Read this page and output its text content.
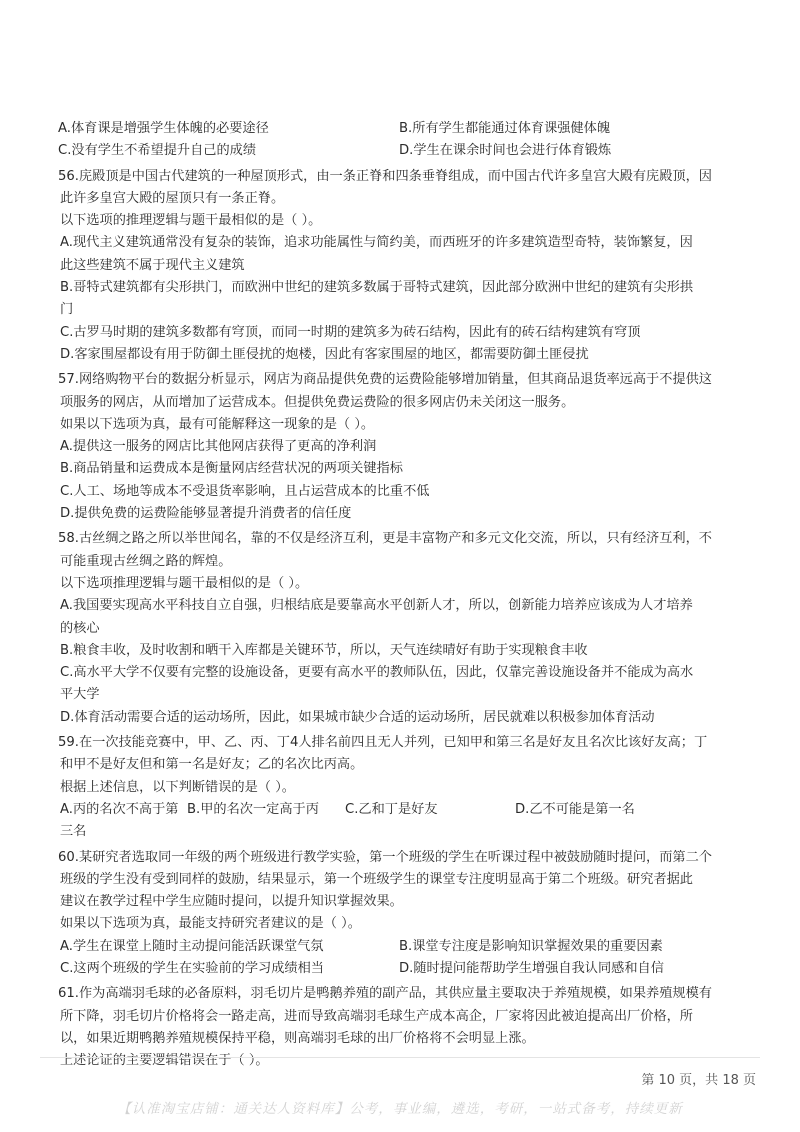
A.体育课是增强学生体魄的必要途径	B.所有学生都能通过体育课强健体魄
C.没有学生不希望提升自己的成绩	D.学生在课余时间也会进行体育锻炼
56.庑殿顶是中国古代建筑的一种屋顶形式，由一条正脊和四条垂脊组成，而中国古代许多皇宫大殿有庑殿顶，因
此许多皇宫大殿的屋顶只有一条正脊。
以下选项的推理逻辑与题干最相似的是（ ）。
A.现代主义建筑通常没有复杂的装饰，追求功能属性与简约美，而西班牙的许多建筑造型奇特，装饰繁复，因
此这些建筑不属于现代主义建筑
B.哥特式建筑都有尖形拱门，而欧洲中世纪的建筑多数属于哥特式建筑，因此部分欧洲中世纪的建筑有尖形拱
门
C.古罗马时期的建筑多数都有穹顶，而同一时期的建筑多为砖石结构，因此有的砖石结构建筑有穹顶
D.客家围屋都设有用于防御土匪侵扰的炮楼，因此有客家围屋的地区，都需要防御土匪侵扰
57.网络购物平台的数据分析显示，网店为商品提供免费的运费险能够增加销量，但其商品退货率远高于不提供这
项服务的网店，从而增加了运营成本。但提供免费运费险的很多网店仍未关闭这一服务。
如果以下选项为真，最有可能解释这一现象的是（ ）。
A.提供这一服务的网店比其他网店获得了更高的净利润
B.商品销量和运费成本是衡量网店经营状况的两项关键指标
C.人工、场地等成本不受退货率影响，且占运营成本的比重不低
D.提供免费的运费险能够显著提升消费者的信任度
58.古丝绸之路之所以举世闻名，靠的不仅是经济互利，更是丰富物产和多元文化交流，所以，只有经济互利，不
可能重现古丝绸之路的辉煌。
以下选项推理逻辑与题干最相似的是（ ）。
A.我国要实现高水平科技自立自强，归根结底是要靠高水平创新人才，所以，创新能力培养应该成为人才培养
的核心
B.粮食丰收，及时收割和晒干入库都是关键环节，所以，天气连续晴好有助于实现粮食丰收
C.高水平大学不仅要有完整的设施设备，更要有高水平的教师队伍，因此，仅靠完善设施设备并不能成为高水
平大学
D.体育活动需要合适的运动场所，因此，如果城市缺少合适的运动场所，居民就难以积极参加体育活动
59.在一次技能竞赛中，甲、乙、丙、丁4人排名前四且无人并列，已知甲和第三名是好友且名次比该好友高；丁
和甲不是好友但和第一名是好友；乙的名次比丙高。
根据上述信息，以下判断错误的是（ ）。
A.丙的名次不高于第三名
B.甲的名次一定高于丙	C.乙和丁是好友	D.乙不可能是第一名
60.某研究者选取同一年级的两个班级进行教学实验，第一个班级的学生在听课过程中被鼓励随时提问，而第二个
班级的学生没有受到同样的鼓励，结果显示，第一个班级学生的课堂专注度明显高于第二个班级。研究者据此
建议在教学过程中学生应随时提问，以提升知识掌握效果。
如果以下选项为真，最能支持研究者建议的是（ ）。
A.学生在课堂上随时主动提问能活跃课堂气氛	B.课堂专注度是影响知识掌握效果的重要因素
C.这两个班级的学生在实验前的学习成绩相当	D.随时提问能帮助学生增强自我认同感和自信
61.作为高端羽毛球的必备原料，羽毛切片是鸭鹅养殖的副产品，其供应量主要取决于养殖规模，如果养殖规模有
所下降，羽毛切片价格将会一路走高，进而导致高端羽毛球生产成本高企，厂家将因此被迫提高出厂价格，所
以，如果近期鸭鹅养殖规模保持平稳，则高端羽毛球的出厂价格将不会明显上涨。
上述论证的主要逻辑错误在于（ ）。
第 10 页，共 18 页
【认准淘宝店铺：通关达人资料库】公考，事业编，遴选，考研，一站式备考，持续更新
